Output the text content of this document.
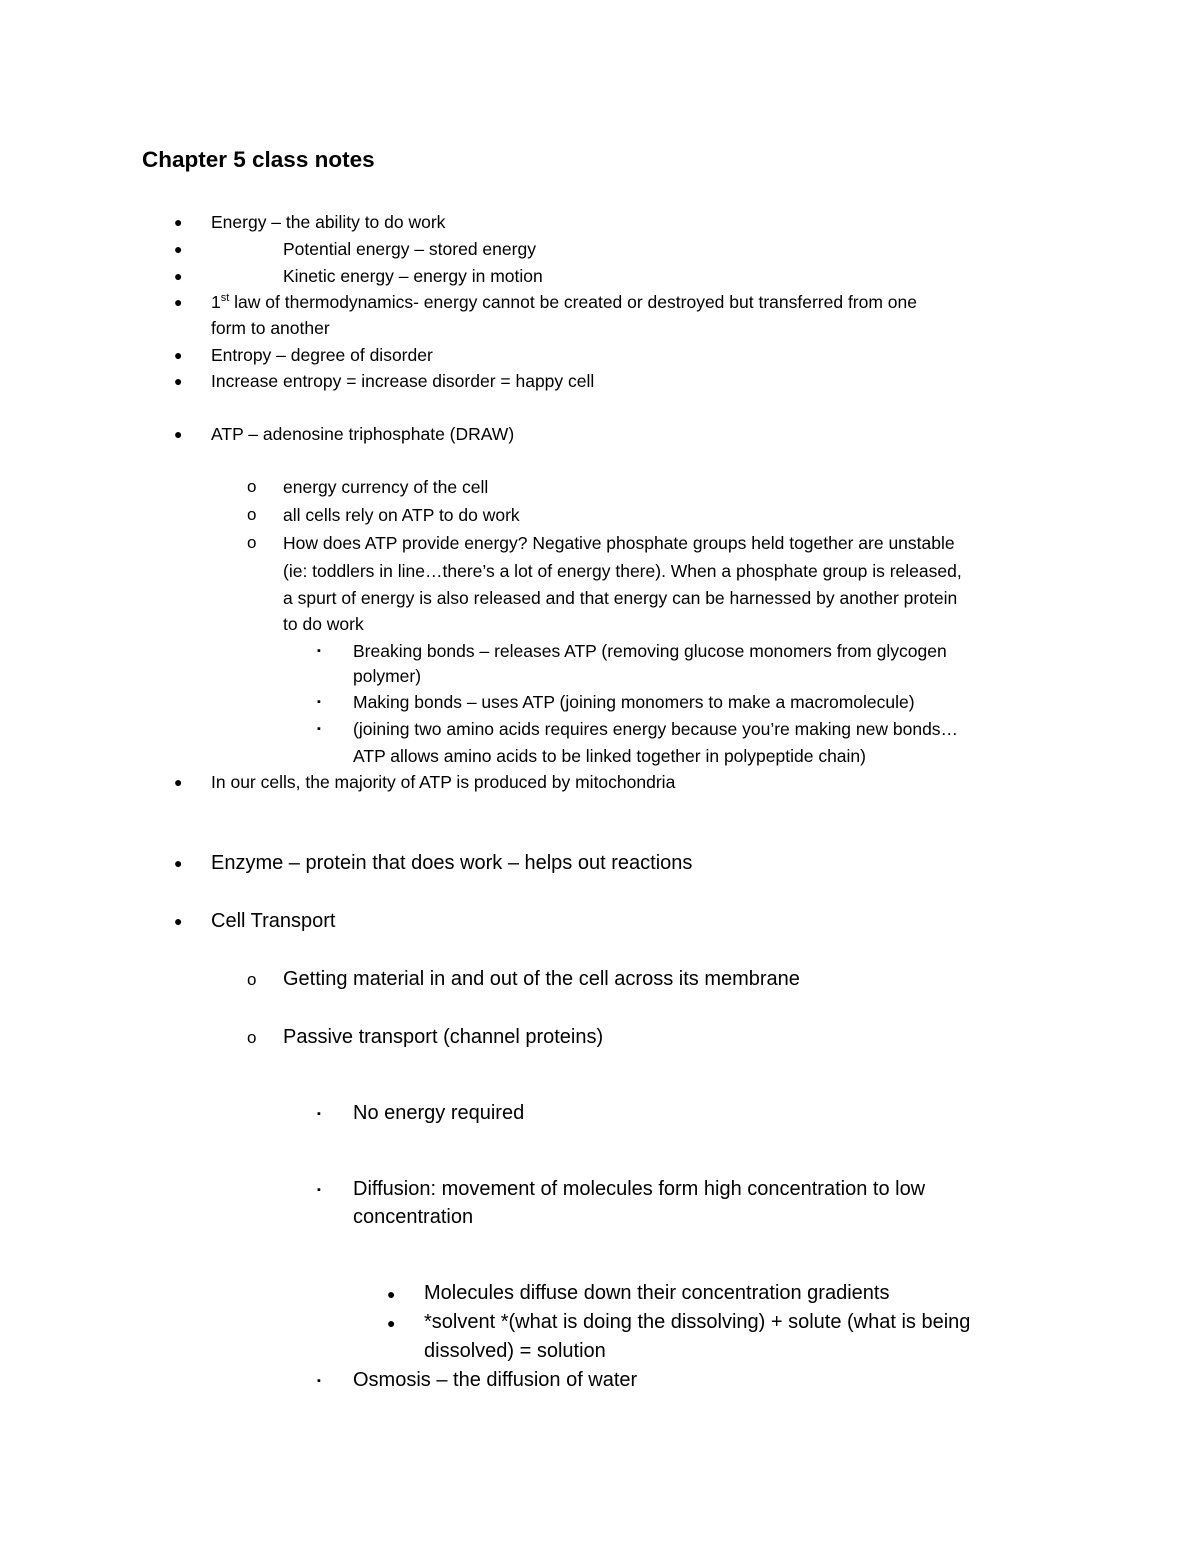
Chapter 5 class notes
● Energy – the ability to do work
●	Potential energy – stored energy
●	Kinetic energy – energy in motion
● 1st law of thermodynamics- energy cannot be created or destroyed but transferred from one
form to another
● Entropy – degree of disorder
● Increase entropy = increase disorder = happy cell
● ATP – adenosine triphosphate (DRAW)
o energy currency of the cell
o all cells rely on ATP to do work
o How does ATP provide energy? Negative phosphate groups held together are unstable
(ie: toddlers in line…there’s a lot of energy there). When a phosphate group is released,
a spurt of energy is also released and that energy can be harnessed by another protein
to do work
▪ Breaking bonds – releases ATP (removing glucose monomers from glycogen
polymer)
▪ Making bonds – uses ATP (joining monomers to make a macromolecule)
▪ (joining two amino acids requires energy because you’re making new bonds…
ATP allows amino acids to be linked together in polypeptide chain)
● In our cells, the majority of ATP is produced by mitochondria
● Enzyme – protein that does work – helps out reactions
● Cell Transport
o Getting material in and out of the cell across its membrane
o Passive transport (channel proteins)
▪ No energy required
▪ Diffusion: movement of molecules form high concentration to low
concentration
● Molecules diffuse down their concentration gradients
● *solvent *(what is doing the dissolving) + solute (what is being
dissolved) = solution
▪ Osmosis – the diffusion of water
